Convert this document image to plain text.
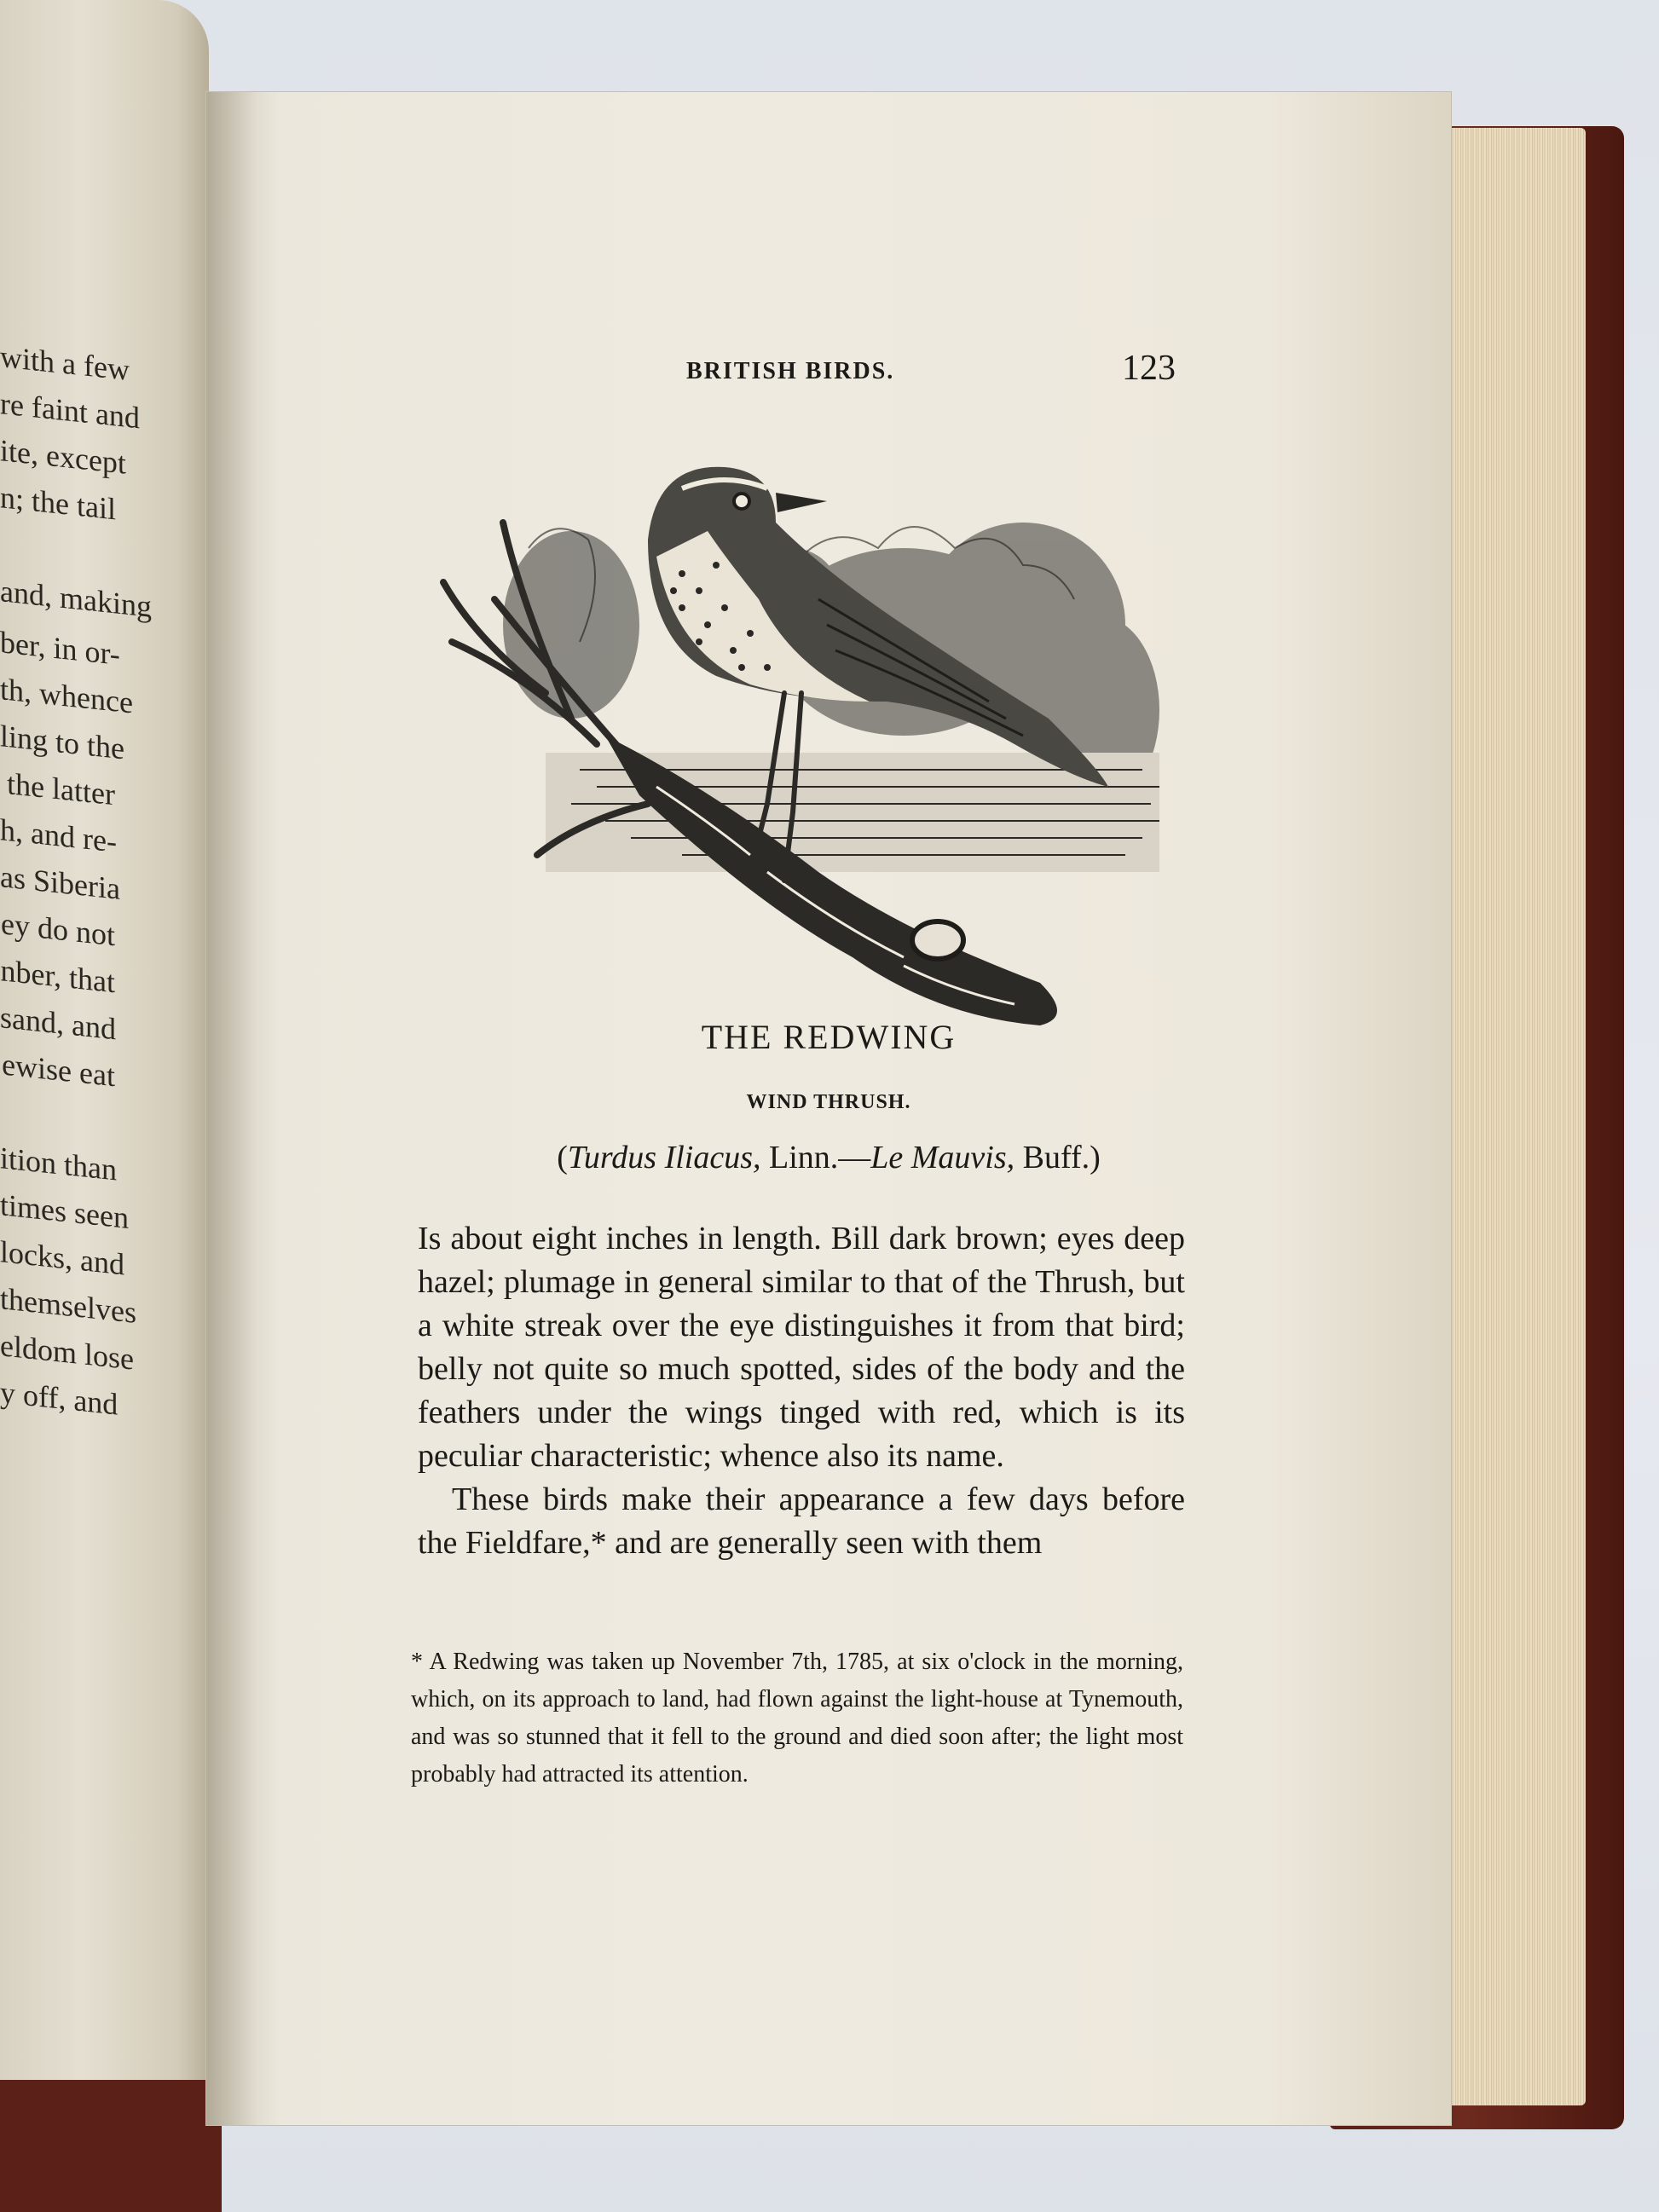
with a few
re faint and
ite, except
n; the tail
and, making
ber, in or-
th, whence
ling to the
the latter
h, and re-
as Siberia
ey do not
nber, that
sand, and
ewise eat
ition than
times seen
locks, and
themselves
eldom lose
y off, and
BRITISH BIRDS.	123
THE REDWING
WIND THRUSH.
(Turdus Iliacus, Linn.—Le Mauvis, Buff.)

Is about eight inches in length. Bill dark brown; eyes deep hazel; plumage in general similar to that of the Thrush, but a white streak over the eye distinguishes it from that bird; belly not quite so much spotted, sides of the body and the feathers under the wings tinged with red, which is its peculiar characteristic; whence also its name.

These birds make their appearance a few days before the Fieldfare,* and are generally seen with them

* A Redwing was taken up November 7th, 1785, at six o'clock in the morning, which, on its approach to land, had flown against the light-house at Tynemouth, and was so stunned that it fell to the ground and died soon after; the light most probably had attracted its attention.
